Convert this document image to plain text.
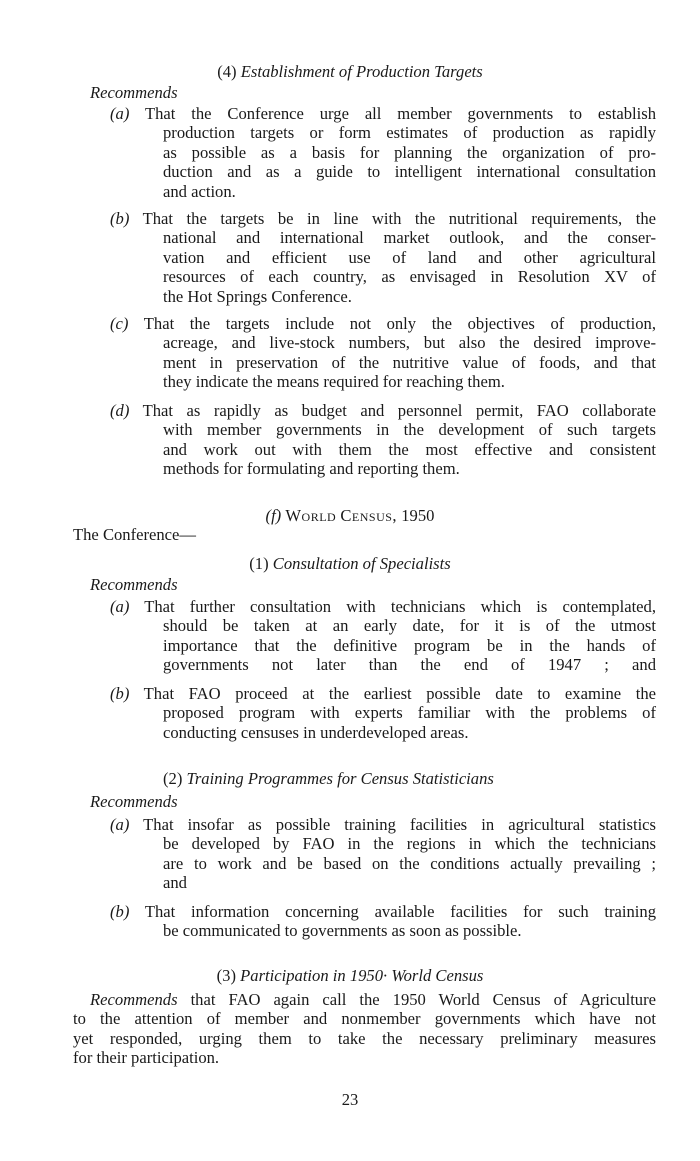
(4) Establishment of Production Targets
Recommends
(a) That the Conference urge all member governments to establish
production targets or form estimates of production as rapidly
as possible as a basis for planning the organization of pro-
duction and as a guide to intelligent international consultation
and action.
(b) That the targets be in line with the nutritional requirements, the
national and international market outlook, and the conser-
vation and efficient use of land and other agricultural
resources of each country, as envisaged in Resolution XV of
the Hot Springs Conference.
(c) That the targets include not only the objectives of production,
acreage, and live-stock numbers, but also the desired improve-
ment in preservation of the nutritive value of foods, and that
they indicate the means required for reaching them.
(d) That as rapidly as budget and personnel permit, FAO collaborate
with member governments in the development of such targets
and work out with them the most effective and consistent
methods for formulating and reporting them.
(f) World Census, 1950
The Conference—
(1) Consultation of Specialists
Recommends
(a) That further consultation with technicians which is contemplated,
should be taken at an early date, for it is of the utmost
importance that the definitive program be in the hands of
governments not later than the end of 1947 ; and
(b) That FAO proceed at the earliest possible date to examine the
proposed program with experts familiar with the problems of
conducting censuses in underdeveloped areas.
(2) Training Programmes for Census Statisticians
Recommends
(a) That insofar as possible training facilities in agricultural statistics
be developed by FAO in the regions in which the technicians
are to work and be based on the conditions actually prevailing ;
and
(b) That information concerning available facilities for such training
be communicated to governments as soon as possible.
(3) Participation in 1950· World Census
Recommends that FAO again call the 1950 World Census of Agriculture
to the attention of member and nonmember governments which have not
yet responded, urging them to take the necessary preliminary measures
for their participation.
23
